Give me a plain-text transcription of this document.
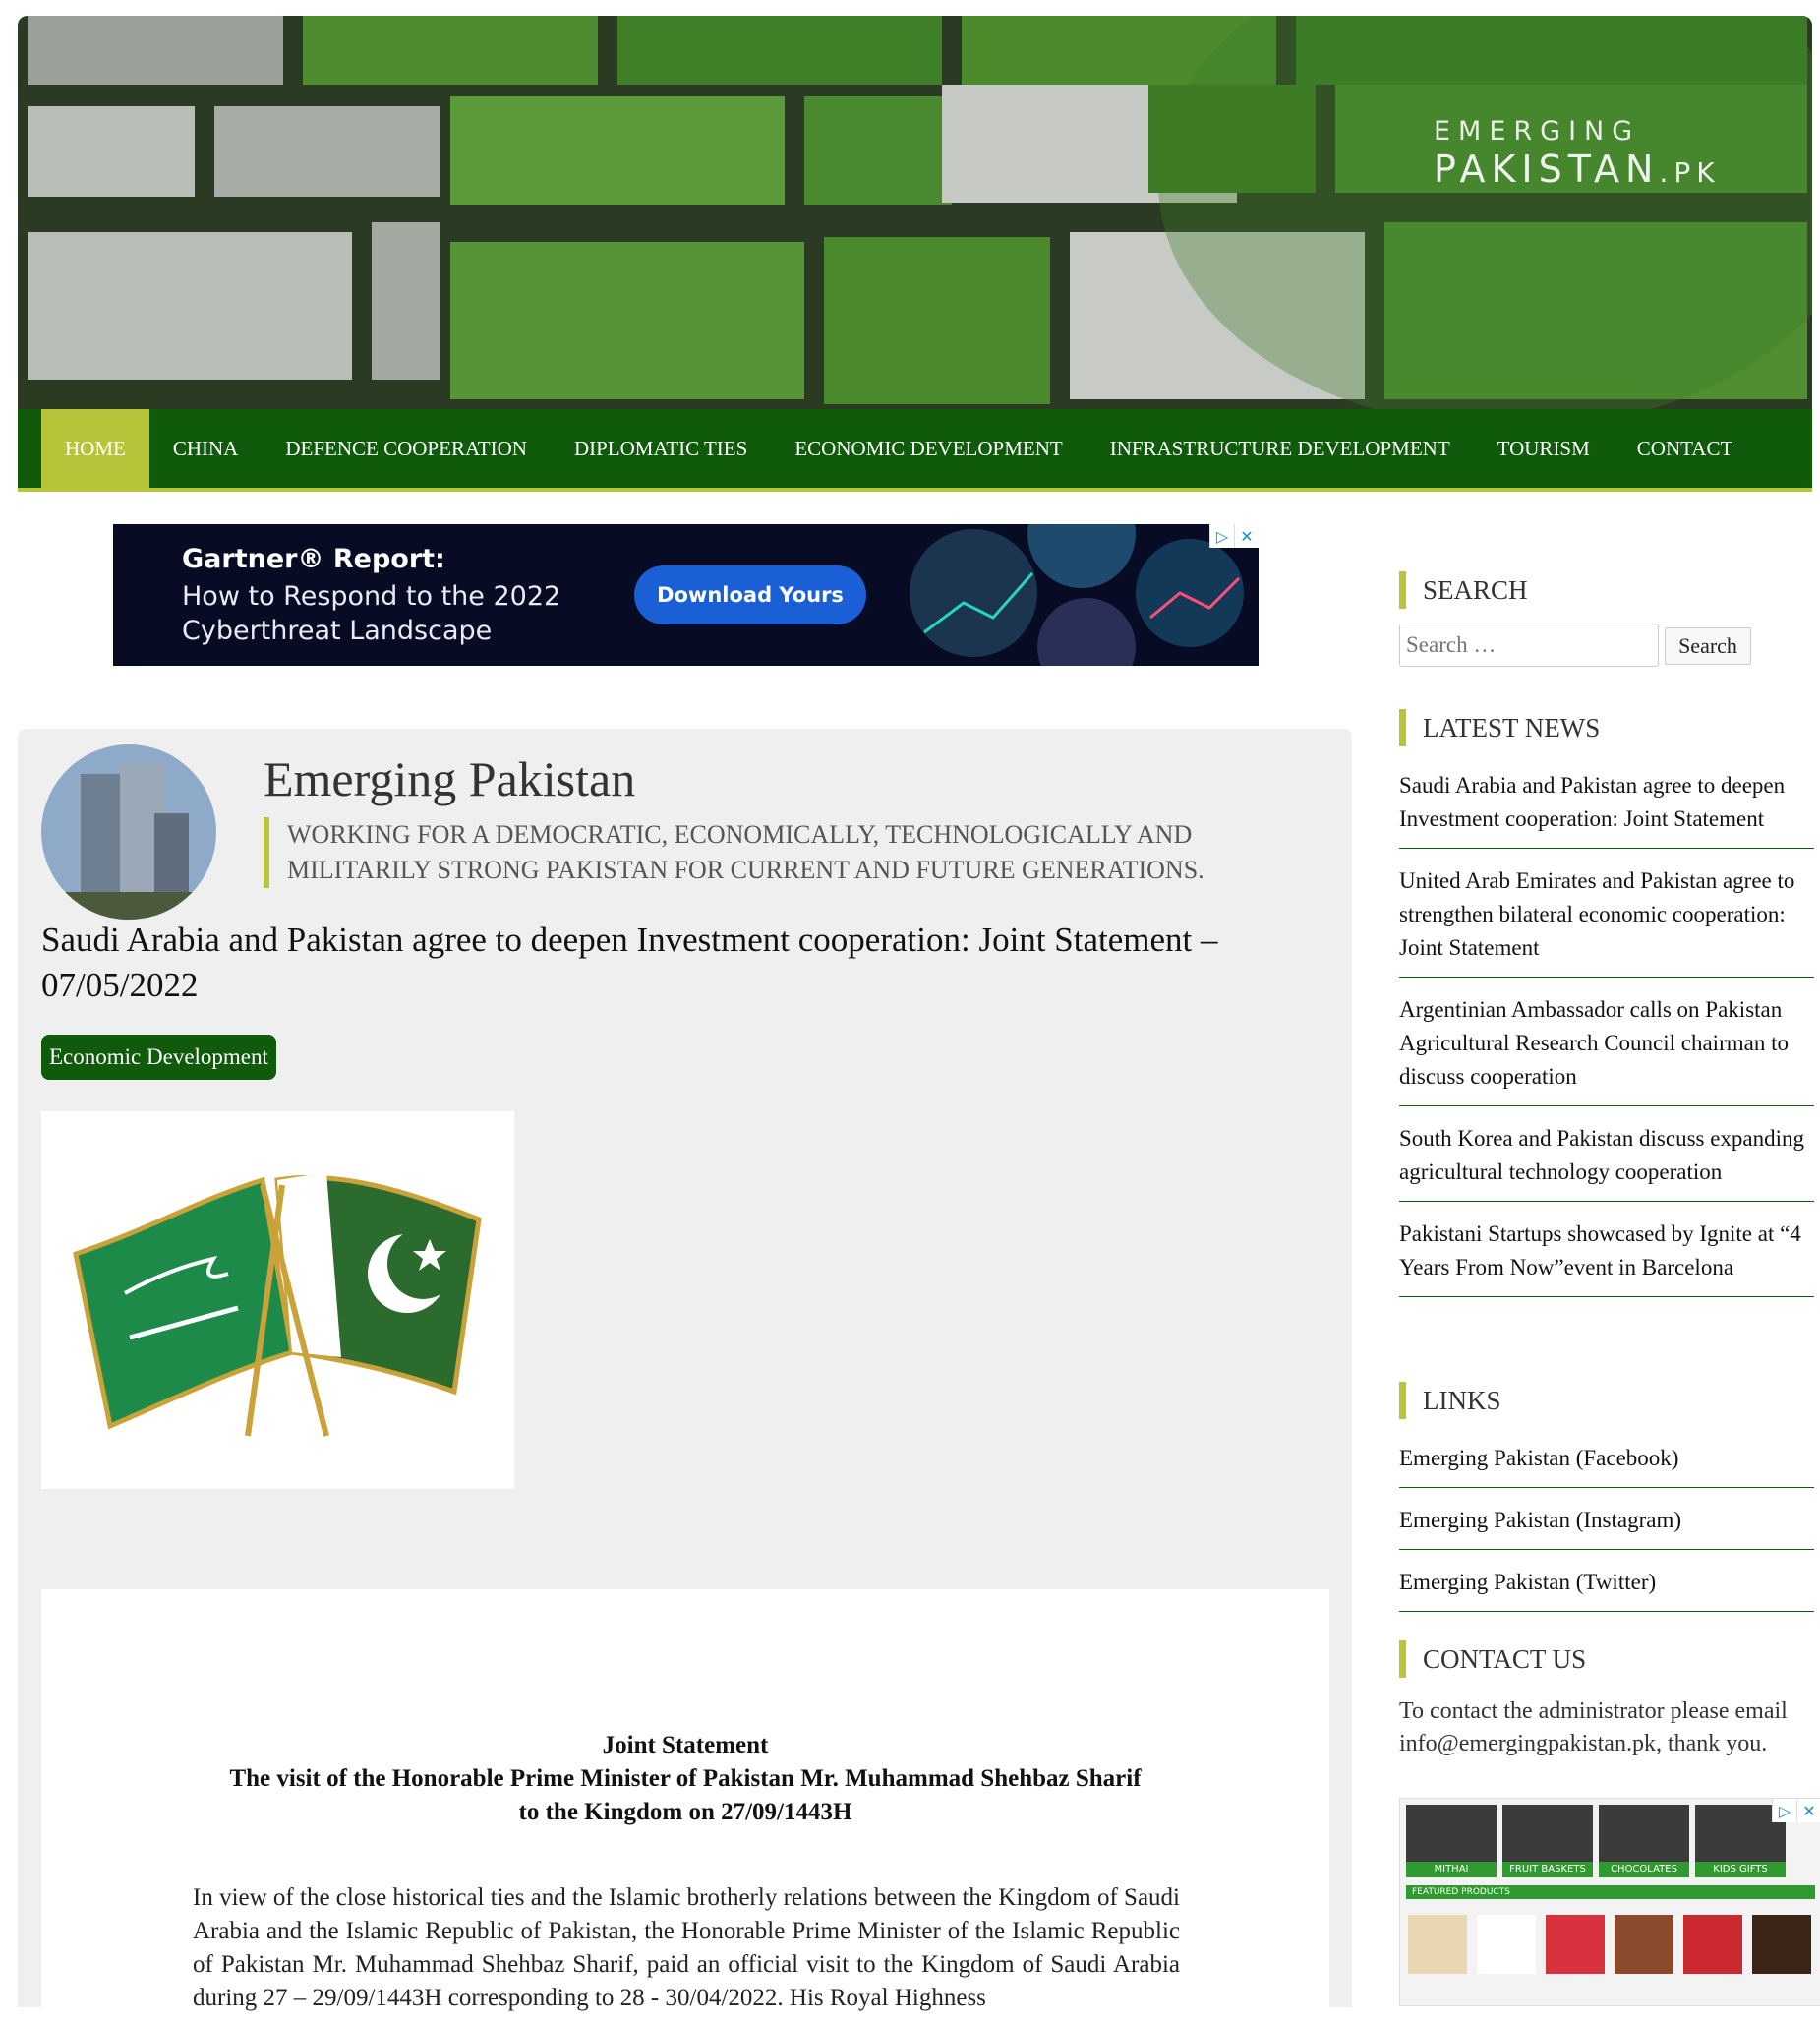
EMERGING
PAKISTAN.PK
HOME	CHINA	DEFENCE COOPERATION	DIPLOMATIC TIES	ECONOMIC DEVELOPMENT	INFRASTRUCTURE DEVELOPMENT	TOURISM	CONTACT
Gartner® Report:
How to Respond to the 2022
Cyberthreat Landscape
Download Yours
▷ ✕
Emerging Pakistan
WORKING FOR A DEMOCRATIC, ECONOMICALLY, TECHNOLOGICALLY AND MILITARILY STRONG PAKISTAN FOR CURRENT AND FUTURE GENERATIONS.
Saudi Arabia and Pakistan agree to deepen Investment cooperation: Joint Statement – 07/05/2022
Economic Development
Joint Statement
The visit of the Honorable Prime Minister of Pakistan Mr. Muhammad Shehbaz Sharif
to the Kingdom on 27/09/1443H
In view of the close historical ties and the Islamic brotherly relations between the Kingdom of Saudi Arabia and the Islamic Republic of Pakistan, the Honorable Prime Minister of the Islamic Republic of Pakistan Mr. Muhammad Shehbaz Sharif, paid an official visit to the Kingdom of Saudi Arabia during 27 – 29/09/1443H corresponding to 28 - 30/04/2022. His Royal Highness
SEARCH
Search …
Search
LATEST NEWS
Saudi Arabia and Pakistan agree to deepen Investment cooperation: Joint Statement
United Arab Emirates and Pakistan agree to strengthen bilateral economic cooperation: Joint Statement
Argentinian Ambassador calls on Pakistan Agricultural Research Council chairman to discuss cooperation
South Korea and Pakistan discuss expanding agricultural technology cooperation
Pakistani Startups showcased by Ignite at “4 Years From Now”event in Barcelona
LINKS
Emerging Pakistan (Facebook)
Emerging Pakistan (Instagram)
Emerging Pakistan (Twitter)
CONTACT US
To contact the administrator please email info@emergingpakistan.pk, thank you.
MITHAI	FRUIT BASKETS	CHOCOLATES	KIDS GIFTS
FEATURED PRODUCTS
▷ ✕
